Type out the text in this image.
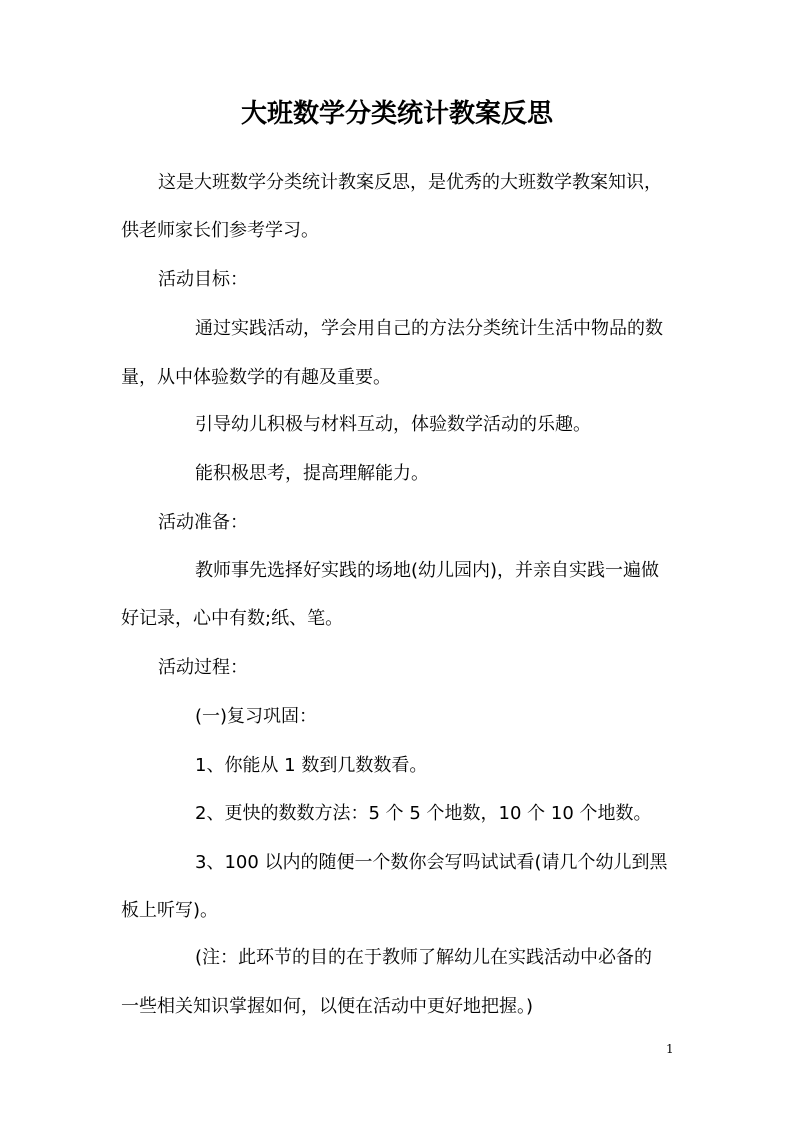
大班数学分类统计教案反思

这是大班数学分类统计教案反思，是优秀的大班数学教案知识，

供老师家长们参考学习。

活动目标：

通过实践活动，学会用自己的方法分类统计生活中物品的数

量，从中体验数学的有趣及重要。

引导幼儿积极与材料互动，体验数学活动的乐趣。

能积极思考，提高理解能力。

活动准备：

教师事先选择好实践的场地(幼儿园内)，并亲自实践一遍做

好记录，心中有数;纸、笔。

活动过程：

(一)复习巩固：

1、你能从 1 数到几数数看。

2、更快的数数方法：5 个 5 个地数，10 个 10 个地数。

3、100 以内的随便一个数你会写吗试试看(请几个幼儿到黑

板上听写)。

(注：此环节的目的在于教师了解幼儿在实践活动中必备的

一些相关知识掌握如何，以便在活动中更好地把握。)

1
